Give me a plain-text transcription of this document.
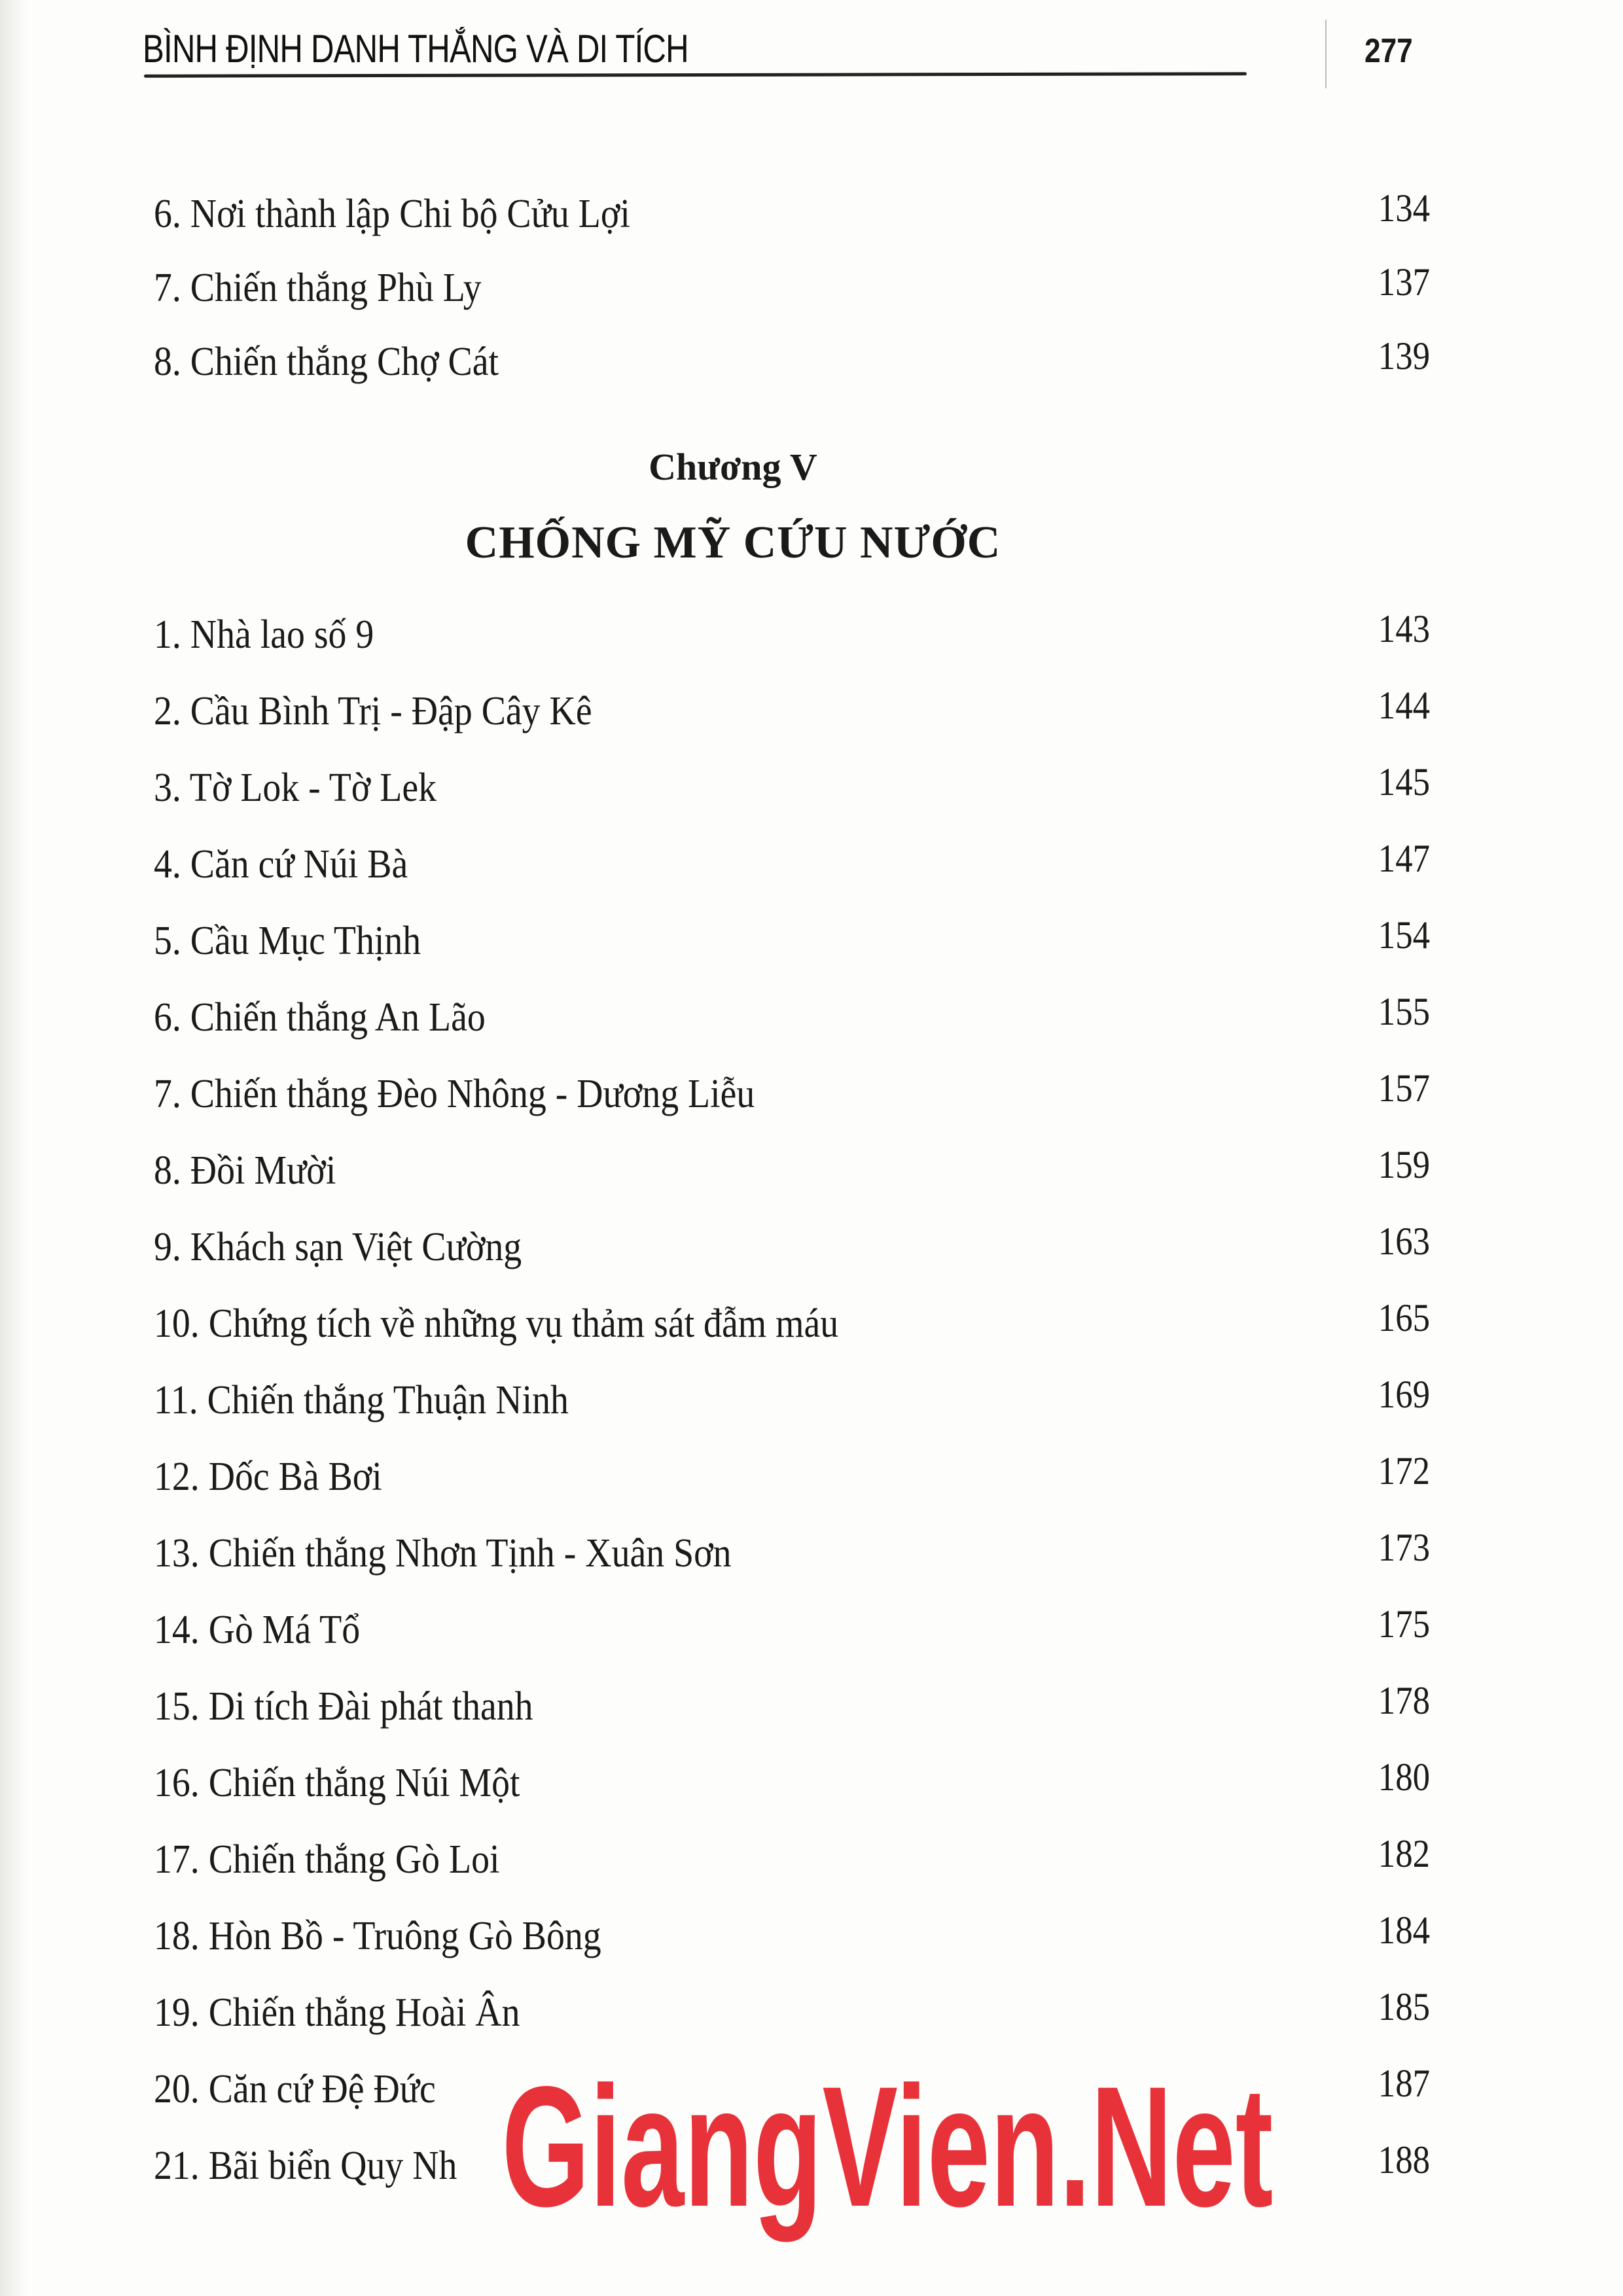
BÌNH ĐỊNH DANH THẮNG VÀ DI TÍCH	277
6. Nơi thành lập Chi bộ Cửu Lợi	134
7. Chiến thắng Phù Ly	137
8. Chiến thắng Chợ Cát	139
Chương V
CHỐNG MỸ CỨU NƯỚC
1. Nhà lao số 9	143
2. Cầu Bình Trị - Đập Cây Kê	144
3. Tờ Lok - Tờ Lek	145
4. Căn cứ Núi Bà	147
5. Cầu Mục Thịnh	154
6. Chiến thắng An Lão	155
7. Chiến thắng Đèo Nhông - Dương Liễu	157
8. Đồi Mười	159
9. Khách sạn Việt Cường	163
10. Chứng tích về những vụ thảm sát đẫm máu	165
11. Chiến thắng Thuận Ninh	169
12. Dốc Bà Bơi	172
13. Chiến thắng Nhơn Tịnh - Xuân Sơn	173
14. Gò Má Tổ	175
15. Di tích Đài phát thanh	178
16. Chiến thắng Núi Một	180
17. Chiến thắng Gò Loi	182
18. Hòn Bồ - Truông Gò Bông	184
19. Chiến thắng Hoài Ân	185
20. Căn cứ Đệ Đức	187
21. Bãi biển Quy Nh	188
GiangVien.Net
